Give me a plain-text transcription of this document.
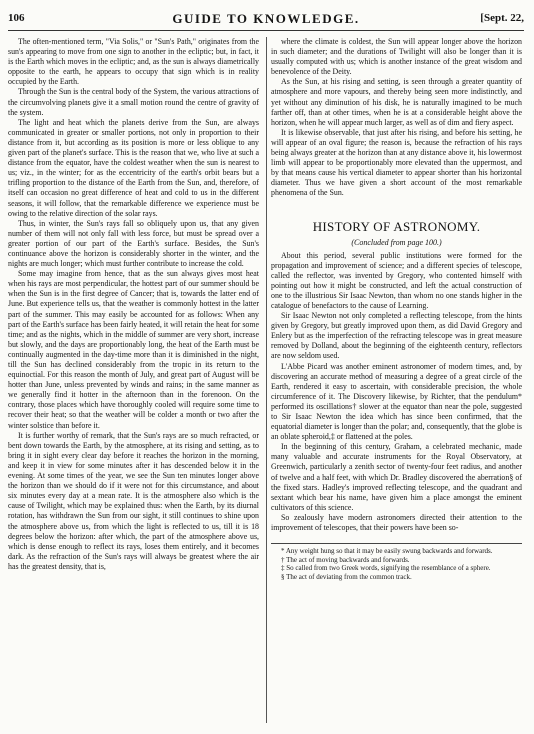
106	GUIDE TO KNOWLEDGE.	[Sept. 22,

The often-mentioned term, "Via Solis," or "Sun's Path," originates from the sun's appearing to move from one sign to another in the ecliptic; but, in fact, it is the Earth which moves in the ecliptic; and, as the sun is always diametrically opposite to the earth, he appears to occupy that sign which is in reality occupied by the Earth.

Through the Sun is the central body of the System, the various attractions of the circumvolving planets give it a small motion round the centre of gravity of the system.

The light and heat which the planets derive from the Sun, are always communicated in greater or smaller portions, not only in proportion to their distance from it, but according as its position is more or less oblique to any given part of the planet's surface. This is the reason that we, who live at such a distance from the equator, have the coldest weather when the sun is nearest to us; viz., in the winter; for as the eccentricity of the earth's orbit bears but a trifling proportion to the distance of the Earth from the Sun, and, therefore, of itself can occasion no great difference of heat and cold to us in the different seasons, it will follow, that the remarkable difference we experience must be owing to the relative direction of the solar rays.

Thus, in winter, the Sun's rays fall so obliquely upon us, that any given number of them will not only fall with less force, but must be spread over a greater portion of our part of the Earth's surface. Besides, the Sun's continuance above the horizon is considerably shorter in the winter, and the nights are much longer; which must further contribute to increase the cold.

Some may imagine from hence, that as the sun always gives most heat when his rays are most perpendicular, the hottest part of our summer should be when the Sun is in the first degree of Cancer; that is, towards the latter end of June. But experience tells us, that the weather is commonly hottest in the latter part of the summer. This may easily be accounted for as follows: When any part of the Earth's surface has been fairly heated, it will retain the heat for some time; and as the nights, which in the middle of summer are very short, increase but slowly, and the days are proportionably long, the heat of the Earth must be continually augmented in the day-time more than it is diminished in the night, till the Sun has declined considerably from the tropic in its return to the equinoctial. For this reason the month of July, and great part of August will be hotter than June, unless prevented by winds and rains; in the same manner as we generally find it hotter in the afternoon than in the forenoon. On the contrary, those places which have thoroughly cooled will require some time to recover their heat; so that the weather will be colder a month or two after the winter solstice than before it.

It is further worthy of remark, that the Sun's rays are so much refracted, or bent down towards the Earth, by the atmosphere, at its rising and setting, as to bring it in sight every clear day before it reaches the horizon in the morning, and keep it in view for some minutes after it has descended below it in the evening. At some times of the year, we see the Sun ten minutes longer above the horizon than we should do if it were not for this circumstance, and about six minutes every day at a mean rate. It is the atmosphere also which is the cause of Twilight, which may be explained thus: when the Earth, by its diurnal rotation, has withdrawn the Sun from our sight, it still continues to shine upon the atmosphere above us, from which the light is reflected to us, till it is 18 degrees below the horizon: after which, the part of the atmosphere above us, which is dense enough to reflect its rays, loses them entirely, and it becomes dark. As the refraction of the Sun's rays will always be greatest where the air has the greatest density, that is,

where the climate is coldest, the Sun will appear longer above the horizon in such diameter; and the durations of Twilight will also be longer than it is usually computed with us; which is another instance of the great wisdom and benevolence of the Deity.

As the Sun, at his rising and setting, is seen through a greater quantity of atmosphere and more vapours, and thereby being seen more indistinctly, and yet without any diminution of his disk, he is naturally imagined to be much farther off, than at other times, when he is at a considerable height above the horizon, when he will appear much larger, as well as of dim and fiery aspect.

It is likewise observable, that just after his rising, and before his setting, he will appear of an oval figure; the reason is, because the refraction of his rays being always greater at the horizon than at any distance above it, his lowermost limb will appear to be proportionably more elevated than the uppermost, and by that means cause his vertical diameter to appear shorter than his horizontal diameter. Thus we have given a short account of the most remarkable phenomena of the Sun.

HISTORY OF ASTRONOMY.
(Concluded from page 100.)

About this period, several public institutions were formed for the propagation and improvement of science; and a different species of telescope, called the reflector, was invented by Gregory, who contented himself with pointing out how it might be constructed, and left the actual construction of one to the illustrious Sir Isaac Newton, than whom no one stands higher in the catalogue of benefactors to the cause of Learning.

Sir Isaac Newton not only completed a reflecting telescope, from the hints given by Gregory, but greatly improved upon them, as did David Gregory and Enlery but as the imperfection of the refracting telescope was in great measure removed by Dolland, about the beginning of the eighteenth century, reflectors are now seldom used.

L'Abbe Picard was another eminent astronomer of modern times, and, by discovering an accurate method of measuring a degree of a great circle of the Earth, rendered it easy to ascertain, with considerable precision, the whole circumference of it. The Discovery likewise, by Richter, that the pendulum* performed its oscillations† slower at the equator than near the pole, suggested to Sir Isaac Newton the idea which has since been confirmed, that the equatorial diameter is longer than the polar; and, consequently, that the globe is an oblate spheroid,‡ or flattened at the poles.

In the beginning of this century, Graham, a celebrated mechanic, made many valuable and accurate instruments for the Royal Observatory, at Greenwich, particularly a zenith sector of twenty-four feet radius, and another of twelve and a half feet, with which Dr. Bradley discovered the aberration§ of the fixed stars. Hadley's improved reflecting telescope, and the quadrant and sextant which bear his name, have given him a place amongst the eminent cultivators of this science.

So zealously have modern astronomers directed their attention to the improvement of telescopes, that their powers have been so-

* Any weight hung so that it may be easily swung backwards and forwards.

† The act of moving backwards and forwards.

‡ So called from two Greek words, signifying the resemblance of a sphere.

§ The act of deviating from the common track.
